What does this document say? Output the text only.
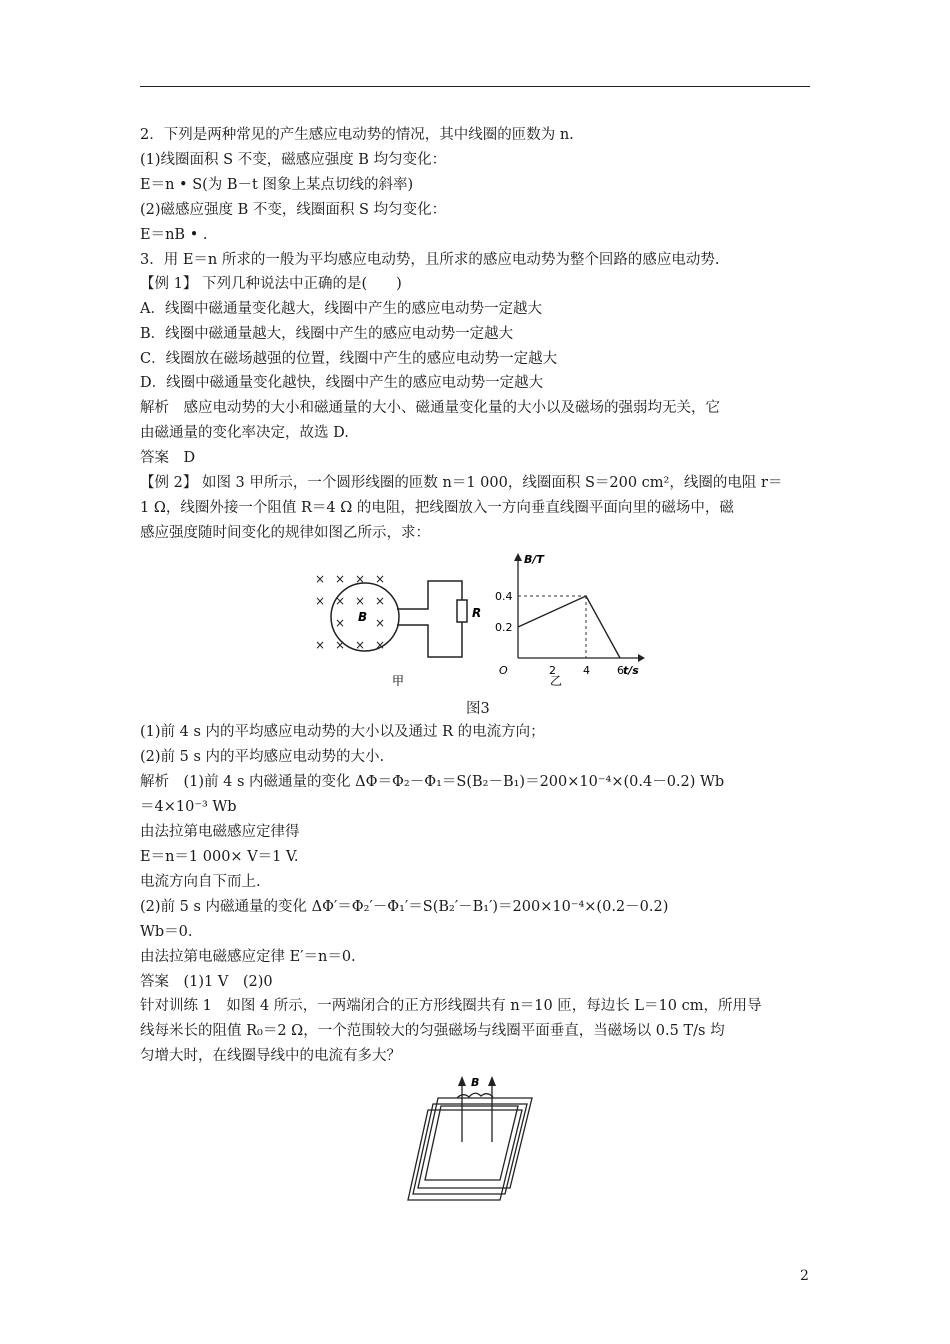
2．下列是两种常见的产生感应电动势的情况，其中线圈的匝数为 n.
(1)线圈面积 S 不变，磁感应强度 B 均匀变化：
E＝n • S(为 B－t 图象上某点切线的斜率)
(2)磁感应强度 B 不变，线圈面积 S 均匀变化：
E＝nB • .
3．用 E＝n 所求的一般为平均感应电动势，且所求的感应电动势为整个回路的感应电动势.
【例 1】 下列几种说法中正确的是(　　)
A．线圈中磁通量变化越大，线圈中产生的感应电动势一定越大
B．线圈中磁通量越大，线圈中产生的感应电动势一定越大
C．线圈放在磁场越强的位置，线圈中产生的感应电动势一定越大
D．线圈中磁通量变化越快，线圈中产生的感应电动势一定越大
解析　感应电动势的大小和磁通量的大小、磁通量变化量的大小以及磁场的强弱均无关，它
由磁通量的变化率决定，故选 D.
答案　D
【例 2】 如图 3 甲所示，一个圆形线圈的匝数 n＝1 000，线圈面积 S＝200 cm²，线圈的电阻 r＝
1 Ω，线圈外接一个阻值 R＝4 Ω 的电阻，把线圈放入一方向垂直线圈平面向里的磁场中，磁
感应强度随时间变化的规律如图乙所示，求：
R
B
× × × ×
× × × ×
× ×
× × × ×
甲
B/T
t/s
O
0.2
0.4
2 4 6
乙
图3
(1)前 4 s 内的平均感应电动势的大小以及通过 R 的电流方向；
(2)前 5 s 内的平均感应电动势的大小.
解析　(1)前 4 s 内磁通量的变化 ΔΦ＝Φ₂－Φ₁＝S(B₂－B₁)＝200×10⁻⁴×(0.4－0.2) Wb
＝4×10⁻³ Wb
由法拉第电磁感应定律得
E＝n＝1 000× V＝1 V.
电流方向自下而上.
(2)前 5 s 内磁通量的变化 ΔΦ′＝Φ₂′－Φ₁′＝S(B₂′－B₁′)＝200×10⁻⁴×(0.2－0.2)
Wb＝0.
由法拉第电磁感应定律 E′＝n＝0.
答案　(1)1 V　(2)0
针对训练 1　如图 4 所示，一两端闭合的正方形线圈共有 n＝10 匝，每边长 L＝10 cm，所用导
线每米长的阻值 R₀＝2 Ω，一个范围较大的匀强磁场与线圈平面垂直，当磁场以 0.5 T/s 均
匀增大时，在线圈导线中的电流有多大？
B
2
